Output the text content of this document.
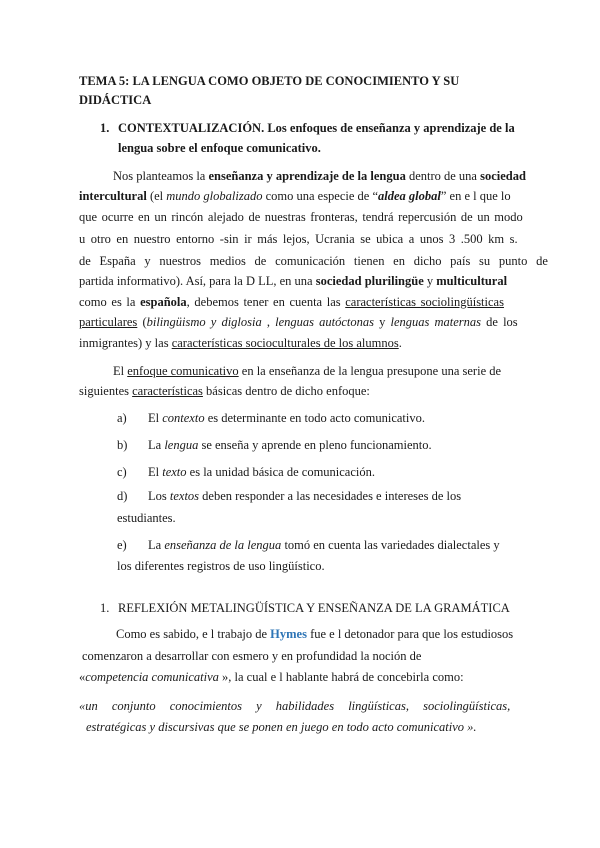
TEMA 5: LA LENGUA COMO OBJETO DE CONOCIMIENTO Y SU
DIDÁCTICA
1. CONTEXTUALIZACIÓN. Los enfoques de enseñanza y aprendizaje de la
lengua sobre el enfoque comunicativo.
Nos planteamos la enseñanza y aprendizaje de la lengua dentro de una sociedad
intercultural (el mundo globalizado como una especie de “aldea global” en e l que lo
que ocurre en un rincón alejado de nuestras fronteras, tendrá repercusión de un modo
u otro en nuestro entorno -sin ir más lejos, Ucrania se ubica a unos 3 .500 km s.
de España y nuestros medios de comunicación tienen en dicho país su punto de
partida informativo). Así, para la D LL, en una sociedad plurilingüe y multicultural
como es la española, debemos tener en cuenta las características sociolingüísticas
particulares (bilingüismo y diglosia , lenguas autóctonas y lenguas maternas de los
inmigrantes) y las características socioculturales de los alumnos.
El enfoque comunicativo en la enseñanza de la lengua presupone una serie de
siguientes características básicas dentro de dicho enfoque:
a) El contexto es determinante en todo acto comunicativo.
b) La lengua se enseña y aprende en pleno funcionamiento.
c) El texto es la unidad básica de comunicación.
d) Los textos deben responder a las necesidades e intereses de los
estudiantes.
e) La enseñanza de la lengua tomó en cuenta las variedades dialectales y
los diferentes registros de uso lingüístico.
1. REFLEXIÓN METALINGÜÍSTICA Y ENSEÑANZA DE LA GRAMÁTICA
Como es sabido, e l trabajo de Hymes fue e l detonador para que los estudiosos
comenzaron a desarrollar con esmero y en profundidad la noción de
«competencia comunicativa », la cual e l hablante habrá de concebirla como:
«un conjunto conocimientos y habilidades lingüísticas, sociolingüísticas,
estratégicas y discursivas que se ponen en juego en todo acto comunicativo ».
